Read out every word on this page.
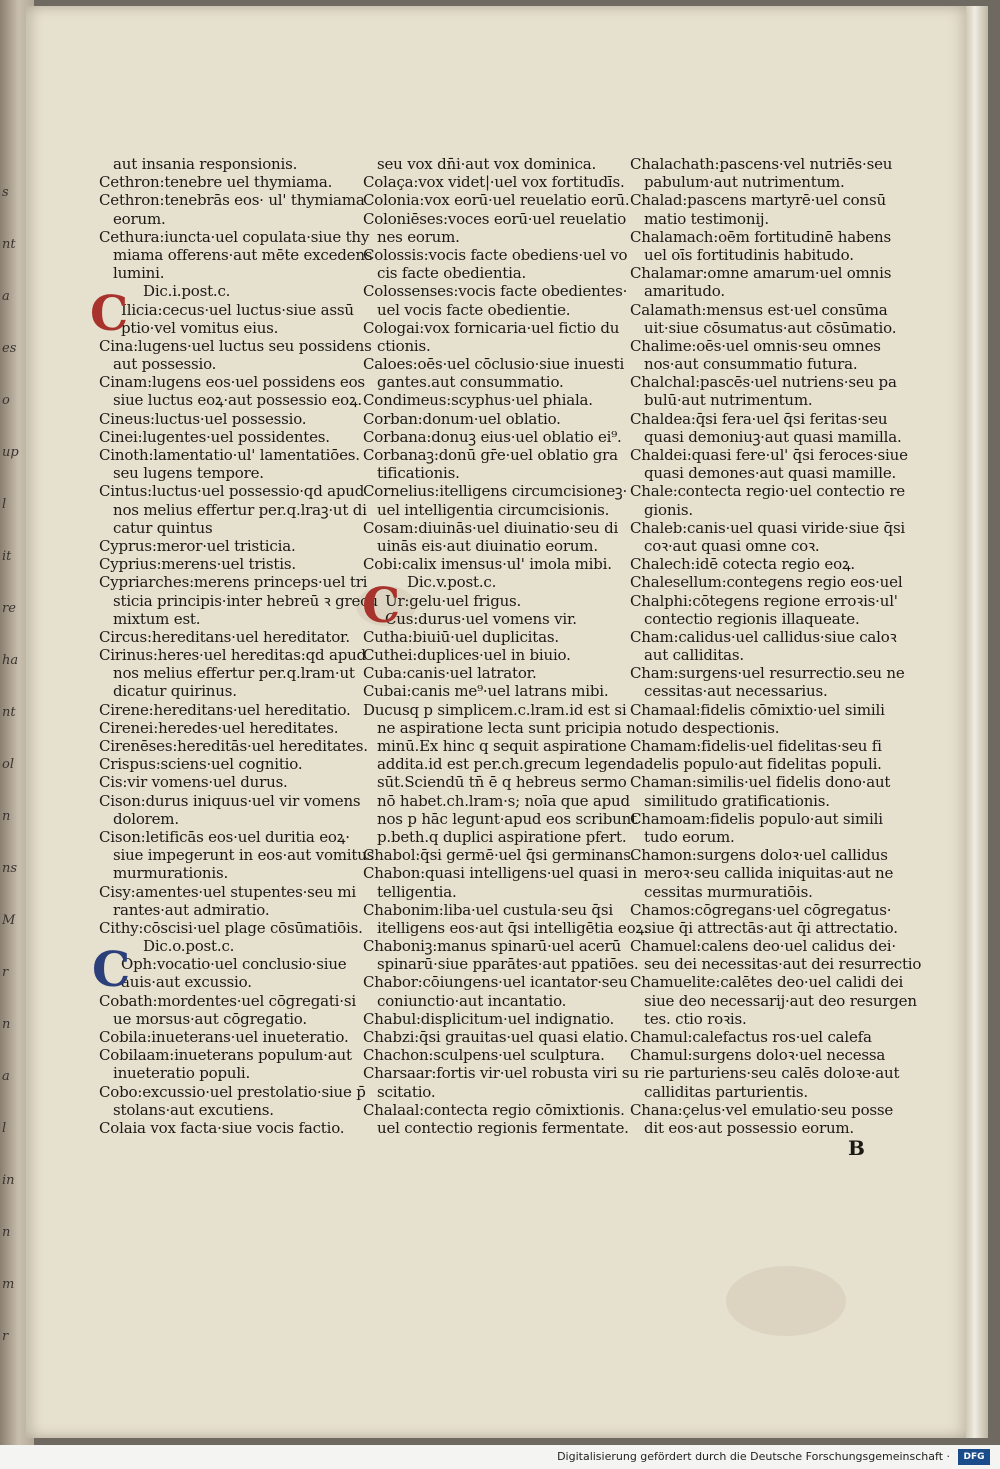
s
nt
a
es
o
up
l
it
re
ha
nt
ol
n
ns
M
r
n
a
l
in
n
m
r
aut insania responsionis.
Cethron:tenebre uel thymiama.
Cethron:tenebrās eos· ul' thymiama
eorum.
Cethura:iuncta·uel copulata·siue thy
miama offerens·aut mēte excedens
lumini.
Dic.i.post.c.
Ilicia:cecus·uel luctus·siue assū
ptio·vel vomitus eius.
Cina:lugens·uel luctus seu possidens
aut possessio.
Cinam:lugens eos·uel possidens eos
siue luctus eoꝝ·aut possessio eoꝝ.
Cineus:luctus·uel possessio.
Cinei:lugentes·uel possidentes.
Cinoth:lamentatio·ul' lamentatiōes.
seu lugens tempore.
Cintus:luctus·uel possessio·qd apud
nos melius effertur per.q.lraꝫ·ut di
catur quintus
Cyprus:meror·uel tristicia.
Cyprius:merens·uel tristis.
Cypriarches:merens princeps·uel tri
sticia principis·inter hebreū ꝛ grecū
mixtum est.
Circus:hereditans·uel hereditator.
Cirinus:heres·uel hereditas:qd apud
nos melius effertur per.q.lram·ut
dicatur quirinus.
Cirene:hereditans·uel hereditatio.
Cirenei:heredes·uel hereditates.
Cirenēses:hereditās·uel hereditates.
Crispus:sciens·uel cognitio.
Cis:vir vomens·uel durus.
Cison:durus iniquus·uel vir vomens
dolorem.
Cison:letificās eos·uel duritia eoꝝ·
siue impegerunt in eos·aut vomitus
murmurationis.
Cisy:amentes·uel stupentes·seu mi
rantes·aut admiratio.
Cithy:cōscisi·uel plage cōsūmatiōis.
Dic.o.post.c.
Oph:vocatio·uel conclusio·siue
auis·aut excussio.
Cobath:mordentes·uel cōgregati·si
ue morsus·aut cōgregatio.
Cobila:inueterans·uel inueteratio.
Cobilaam:inueterans populum·aut
inueteratio populi.
Cobo:excussio·uel prestolatio·siue p̄
stolans·aut excutiens.
Colaia vox facta·siue vocis factio.
seu vox dn̄i·aut vox dominica.
Colaça:vox videt|·uel vox fortitudīs.
Colonia:vox eorū·uel reuelatio eorū.
Coloniēses:voces eorū·uel reuelatio
nes eorum.
Colossis:vocis facte obediens·uel vo
cis facte obedientia.
Colossenses:vocis facte obedientes·
uel vocis facte obedientie.
Cologai:vox fornicaria·uel fictio du
ctionis.
Caloes:oēs·uel cōclusio·siue inuesti
gantes.aut consummatio.
Condimeus:scyphus·uel phiala.
Corban:donum·uel oblatio.
Corbana:donuꝫ eius·uel oblatio ei⁹.
Corbanaꝫ:donū gr̄e·uel oblatio gra
tificationis.
Cornelius:itelligens circumcisioneꝫ·
uel intelligentia circumcisionis.
Cosam:diuinās·uel diuinatio·seu di
uinās eis·aut diuinatio eorum.
Cobi:calix imensus·ul' imola mibi.
Dic.v.post.c.
Ur:gelu·uel frigus.
Cus:durus·uel vomens vir.
Cutha:biuiū·uel duplicitas.
Cuthei:duplices·uel in biuio.
Cuba:canis·uel latrator.
Cubai:canis me⁹·uel latrans mibi.
Ducusq p simplicem.c.lram.id est si
ne aspiratione lecta sunt pricipia no
minū.Ex hinc q sequit aspiratione
addita.id est per.ch.grecum legenda
sūt.Sciendū tn̄ ē q hebreus sermo
nō habet.ch.lram·s; noīa que apud
nos p hāc legunt·apud eos scribunt
p.beth.q duplici aspiratione pfert.
Chabol:q̄si germē·uel q̄si germinans.
Chabon:quasi intelligens·uel quasi in
telligentia.
Chabonim:liba·uel custula·seu q̄si
itelligens eos·aut q̄si intelligētia eoꝝ.
Chaboniꝫ:manus spinarū·uel acerū
spinarū·siue pparātes·aut ppatiōes.
Chabor:cōiungens·uel icantator·seu
coniunctio·aut incantatio.
Chabul:displicitum·uel indignatio.
Chabzi:q̄si grauitas·uel quasi elatio.
Chachon:sculpens·uel sculptura.
Charsaar:fortis vir·uel robusta viri su
scitatio.
Chalaal:contecta regio cōmixtionis.
uel contectio regionis fermentate.
Chalachath:pascens·vel nutriēs·seu
pabulum·aut nutrimentum.
Chalad:pascens martyrē·uel consū
matio testimonij.
Chalamach:oēm fortitudinē habens
uel oīs fortitudinis habitudo.
Chalamar:omne amarum·uel omnis
amaritudo.
Calamath:mensus est·uel consūma
uit·siue cōsumatus·aut cōsūmatio.
Chalime:oēs·uel omnis·seu omnes
nos·aut consummatio futura.
Chalchal:pascēs·uel nutriens·seu pa
bulū·aut nutrimentum.
Chaldea:q̄si fera·uel q̄si feritas·seu
quasi demoniuꝫ·aut quasi mamilla.
Chaldei:quasi fere·ul' q̄si feroces·siue
quasi demones·aut quasi mamille.
Chale:contecta regio·uel contectio re
gionis.
Chaleb:canis·uel quasi viride·siue q̄si
coꝛ·aut quasi omne coꝛ.
Chalech:idē cotecta regio eoꝝ.
Chalesellum:contegens regio eos·uel
Chalphi:cōtegens regione erroꝛis·ul'
contectio regionis illaqueate.
Cham:calidus·uel callidus·siue caloꝛ
aut calliditas.
Cham:surgens·uel resurrectio.seu ne
cessitas·aut necessarius.
Chamaal:fidelis cōmixtio·uel simili
tudo despectionis.
Chamam:fidelis·uel fidelitas·seu fi
delis populo·aut fidelitas populi.
Chaman:similis·uel fidelis dono·aut
similitudo gratificationis.
Chamoam:fidelis populo·aut simili
tudo eorum.
Chamon:surgens doloꝛ·uel callidus
meroꝛ·seu callida iniquitas·aut ne
cessitas murmuratiōis.
Chamos:cōgregans·uel cōgregatus·
siue q̄i attrectās·aut q̄i attrectatio.
Chamuel:calens deo·uel calidus dei·
seu dei necessitas·aut dei resurrectio
Chamuelite:calētes deo·uel calidi dei
siue deo necessarij·aut deo resurgen
tes. ctio roꝛis.
Chamul:calefactus ros·uel calefa
Chamul:surgens doloꝛ·uel necessa
rie parturiens·seu calēs doloꝛe·aut
calliditas parturientis.
Chana:çelus·vel emulatio·seu posse
dit eos·aut possessio eorum.
C
C
C
B
Digitalisierung gefördert durch die Deutsche Forschungsgemeinschaft ·	DFG
